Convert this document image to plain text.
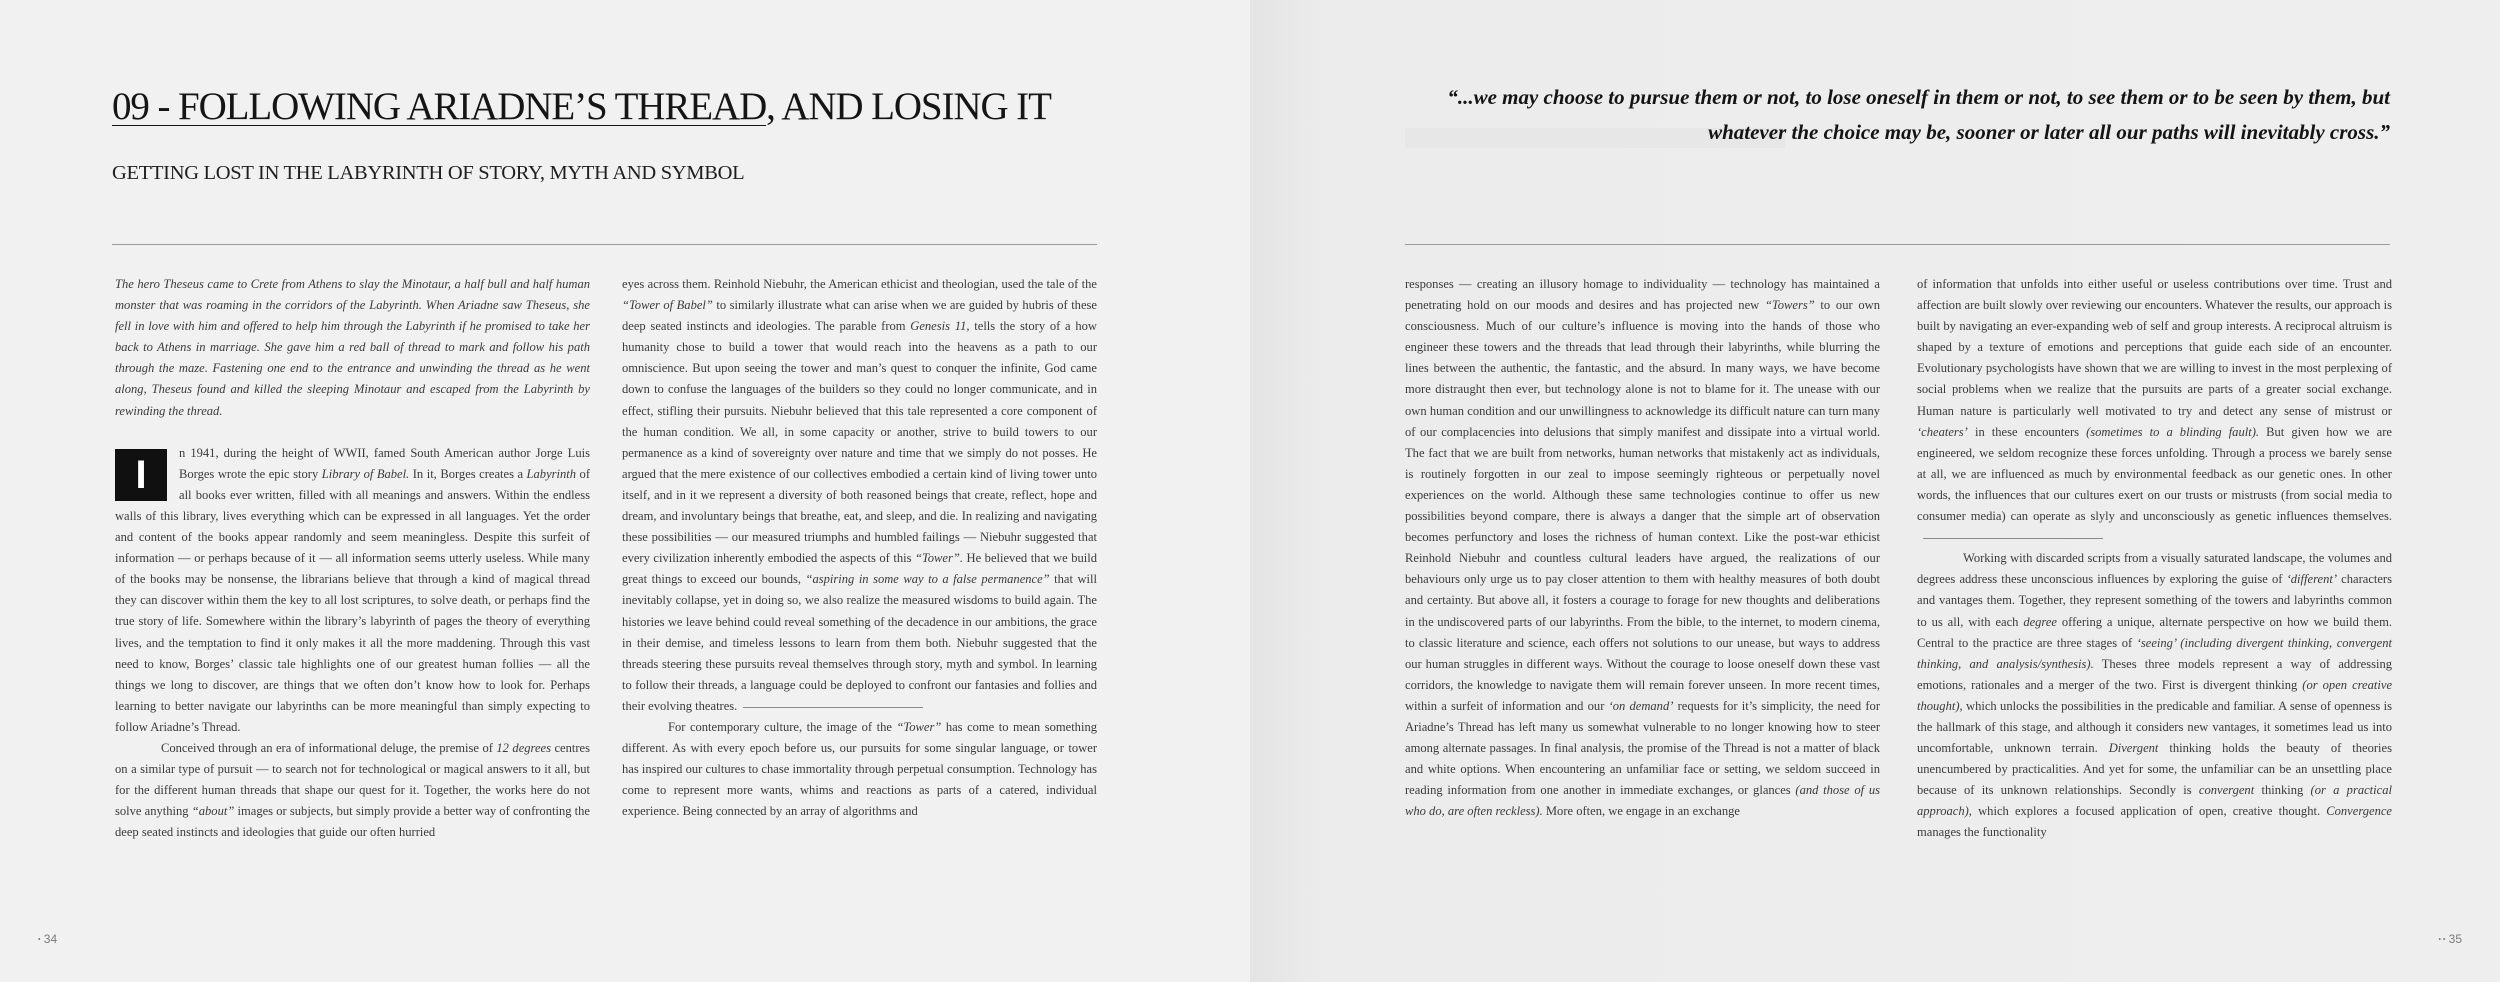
09 - FOLLOWING ARIADNE’S THREAD, AND LOSING IT
GETTING LOST IN THE LABYRINTH OF STORY, MYTH AND SYMBOL

The hero Theseus came to Crete from Athens to slay the Minotaur, a half bull and half human monster that was roaming in the corridors of the Labyrinth. When Ariadne saw Theseus, she fell in love with him and offered to help him through the Labyrinth if he promised to take her back to Athens in marriage. She gave him a red ball of thread to mark and follow his path through the maze. Fastening one end to the entrance and unwinding the thread as he went along, Theseus found and killed the sleeping Minotaur and escaped from the Labyrinth by rewinding the thread.

I	n 1941, during the height of WWII, famed South American author Jorge Luis Borges wrote the epic story Library of Babel. In it, Borges creates a Labyrinth of all books ever written, filled with all meanings and answers. Within the endless walls of this library, lives everything which can be expressed in all languages. Yet the order and content of the books appear randomly and seem meaningless. Despite this surfeit of information — or perhaps because of it — all information seems utterly useless. While many of the books may be nonsense, the librarians believe that through a kind of magical thread they can discover within them the key to all lost scriptures, to solve death, or perhaps find the true story of life. Somewhere within the library’s labyrinth of pages the theory of everything lives, and the temptation to find it only makes it all the more maddening. Through this vast need to know, Borges’ classic tale highlights one of our greatest human follies — all the things we long to discover, are things that we often don’t know how to look for. Perhaps learning to better navigate our labyrinths can be more meaningful than simply expecting to follow Ariadne’s Thread.

Conceived through an era of informational deluge, the premise of 12 degrees centres on a similar type of pursuit — to search not for technological or magical answers to it all, but for the different human threads that shape our quest for it. Together, the works here do not solve anything “about” images or subjects, but simply provide a better way of confronting the deep seated instincts and ideologies that guide our often hurried

eyes across them. Reinhold Niebuhr, the American ethicist and theologian, used the tale of the “Tower of Babel” to similarly illustrate what can arise when we are guided by hubris of these deep seated instincts and ideologies. The parable from Genesis 11, tells the story of a how humanity chose to build a tower that would reach into the heavens as a path to our omniscience. But upon seeing the tower and man’s quest to conquer the infinite, God came down to confuse the languages of the builders so they could no longer communicate, and in effect, stifling their pursuits. Niebuhr believed that this tale represented a core component of the human condition. We all, in some capacity or another, strive to build towers to our permanence as a kind of sovereignty over nature and time that we simply do not posses. He argued that the mere existence of our collectives embodied a certain kind of living tower unto itself, and in it we represent a diversity of both reasoned beings that create, reflect, hope and dream, and involuntary beings that breathe, eat, and sleep, and die. In realizing and navigating these possibilities — our measured triumphs and humbled failings — Niebuhr suggested that every civilization inherently embodied the aspects of this “Tower”. He believed that we build great things to exceed our bounds, “aspiring in some way to a false permanence” that will inevitably collapse, yet in doing so, we also realize the measured wisdoms to build again. The histories we leave behind could reveal something of the decadence in our ambitions, the grace in their demise, and timeless lessons to learn from them both. Niebuhr suggested that the threads steering these pursuits reveal themselves through story, myth and symbol. In learning to follow their threads, a language could be deployed to confront our fantasies and follies and their evolving theatres.

For contemporary culture, the image of the “Tower” has come to mean something different. As with every epoch before us, our pursuits for some singular language, or tower has inspired our cultures to chase immortality through perpetual consumption. Technology has come to represent more wants, whims and reactions as parts of a catered, individual experience. Being connected by an array of algorithms and

• 34

“...we may choose to pursue them or not, to lose oneself in them or not, to see them or to be seen by them, but whatever the choice may be, sooner or later all our paths will inevitably cross.”

responses — creating an illusory homage to individuality — technology has maintained a penetrating hold on our moods and desires and has projected new “Towers” to our own consciousness. Much of our culture’s influence is moving into the hands of those who engineer these towers and the threads that lead through their labyrinths, while blurring the lines between the authentic, the fantastic, and the absurd. In many ways, we have become more distraught then ever, but technology alone is not to blame for it. The unease with our own human condition and our unwillingness to acknowledge its difficult nature can turn many of our complacencies into delusions that simply manifest and dissipate into a virtual world. The fact that we are built from networks, human networks that mistakenly act as individuals, is routinely forgotten in our zeal to impose seemingly righteous or perpetually novel experiences on the world. Although these same technologies continue to offer us new possibilities beyond compare, there is always a danger that the simple art of observation becomes perfunctory and loses the richness of human context. Like the post-war ethicist Reinhold Niebuhr and countless cultural leaders have argued, the realizations of our behaviours only urge us to pay closer attention to them with healthy measures of both doubt and certainty. But above all, it fosters a courage to forage for new thoughts and deliberations in the undiscovered parts of our labyrinths. From the bible, to the internet, to modern cinema, to classic literature and science, each offers not solutions to our unease, but ways to address our human struggles in different ways. Without the courage to loose oneself down these vast corridors, the knowledge to navigate them will remain forever unseen. In more recent times, within a surfeit of information and our ‘on demand’ requests for it’s simplicity, the need for Ariadne’s Thread has left many us somewhat vulnerable to no longer knowing how to steer among alternate passages. In final analysis, the promise of the Thread is not a matter of black and white options. When encountering an unfamiliar face or setting, we seldom succeed in reading information from one another in immediate exchanges, or glances (and those of us who do, are often reckless). More often, we engage in an exchange

of information that unfolds into either useful or useless contributions over time. Trust and affection are built slowly over reviewing our encounters. Whatever the results, our approach is built by navigating an ever-expanding web of self and group interests. A reciprocal altruism is shaped by a texture of emotions and perceptions that guide each side of an encounter. Evolutionary psychologists have shown that we are willing to invest in the most perplexing of social problems when we realize that the pursuits are parts of a greater social exchange. Human nature is particularly well motivated to try and detect any sense of mistrust or ‘cheaters’ in these encounters (sometimes to a blinding fault). But given how we are engineered, we seldom recognize these forces unfolding. Through a process we barely sense at all, we are influenced as much by environmental feedback as our genetic ones. In other words, the influences that our cultures exert on our trusts or mistrusts (from social media to consumer media) can operate as slyly and unconsciously as genetic influences themselves.

Working with discarded scripts from a visually saturated landscape, the volumes and degrees address these unconscious influences by exploring the guise of ‘different’ characters and vantages them. Together, they represent something of the towers and labyrinths common to us all, with each degree offering a unique, alternate perspective on how we build them. Central to the practice are three stages of ‘seeing’ (including divergent thinking, convergent thinking, and analysis/synthesis). Theses three models represent a way of addressing emotions, rationales and a merger of the two. First is divergent thinking (or open creative thought), which unlocks the possibilities in the predicable and familiar. A sense of openness is the hallmark of this stage, and although it considers new vantages, it sometimes lead us into uncomfortable, unknown terrain. Divergent thinking holds the beauty of theories unencumbered by practicalities. And yet for some, the unfamiliar can be an unsettling place because of its unknown relationships. Secondly is convergent thinking (or a practical approach), which explores a focused application of open, creative thought. Convergence manages the functionality

• • 35
